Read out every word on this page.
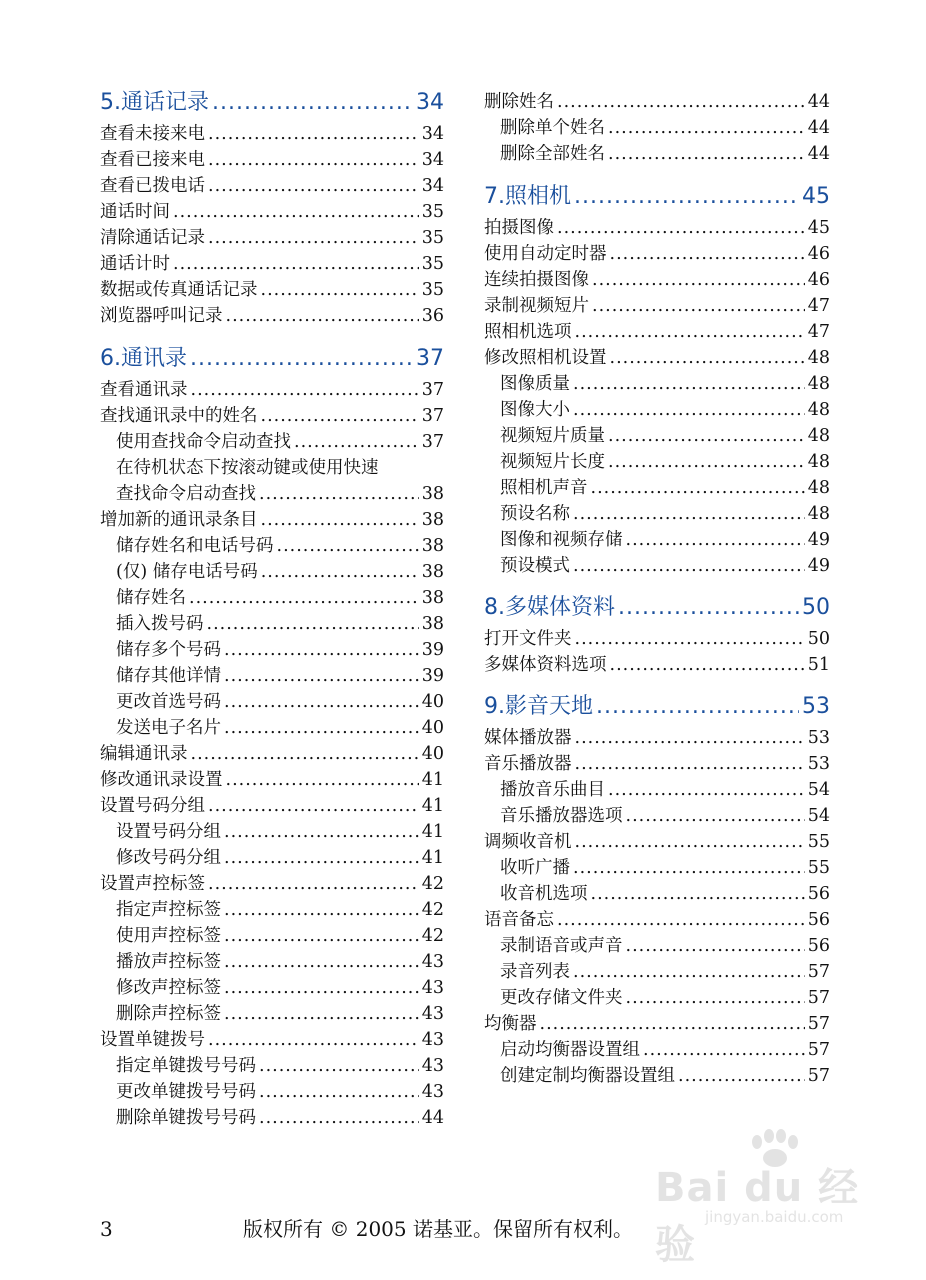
5.通话记录 .....	34
查看未接来电 .....	34
查看已接来电 .....	34
查看已拨电话 .....	34
通话时间 .....	35
清除通话记录 .....	35
通话计时 .....	35
数据或传真通话记录 .....	35
浏览器呼叫记录 .....	36
6.通讯录 .....	37
查看通讯录 .....	37
查找通讯录中的姓名 .....	37
使用查找命令启动查找 .....	37
在待机状态下按滚动键或使用快速
查找命令启动查找 .....	38
增加新的通讯录条目 .....	38
储存姓名和电话号码 .....	38
(仅) 储存电话号码 .....	38
储存姓名 .....	38
插入拨号码 .....	38
储存多个号码 .....	39
储存其他详情 .....	39
更改首选号码 .....	40
发送电子名片 .....	40
编辑通讯录 .....	40
修改通讯录设置 .....	41
设置号码分组 .....	41
设置号码分组 .....	41
修改号码分组 .....	41
设置声控标签 .....	42
指定声控标签 .....	42
使用声控标签 .....	42
播放声控标签 .....	43
修改声控标签 .....	43
删除声控标签 .....	43
设置单键拨号 .....	43
指定单键拨号号码 .....	43
更改单键拨号号码 .....	43
删除单键拨号号码 .....	44
删除姓名 .....	44
删除单个姓名 .....	44
删除全部姓名 .....	44
7.照相机 .....	45
拍摄图像 .....	45
使用自动定时器 .....	46
连续拍摄图像 .....	46
录制视频短片 .....	47
照相机选项 .....	47
修改照相机设置 .....	48
图像质量 .....	48
图像大小 .....	48
视频短片质量 .....	48
视频短片长度 .....	48
照相机声音 .....	48
预设名称 .....	48
图像和视频存储 .....	49
预设模式 .....	49
8.多媒体资料 .....	50
打开文件夹 .....	50
多媒体资料选项 .....	51
9.影音天地 .....	53
媒体播放器 .....	53
音乐播放器 .....	53
播放音乐曲目 .....	54
音乐播放器选项 .....	54
调频收音机 .....	55
收听广播 .....	55
收音机选项 .....	56
语音备忘 .....	56
录制语音或声音 .....	56
录音列表 .....	57
更改存储文件夹 .....	57
均衡器 .....	57
启动均衡器设置组 .....	57
创建定制均衡器设置组 .....	57
3	版权所有 © 2005 诺基亚。保留所有权利。
Bai du 经验
jingyan.baidu.com
